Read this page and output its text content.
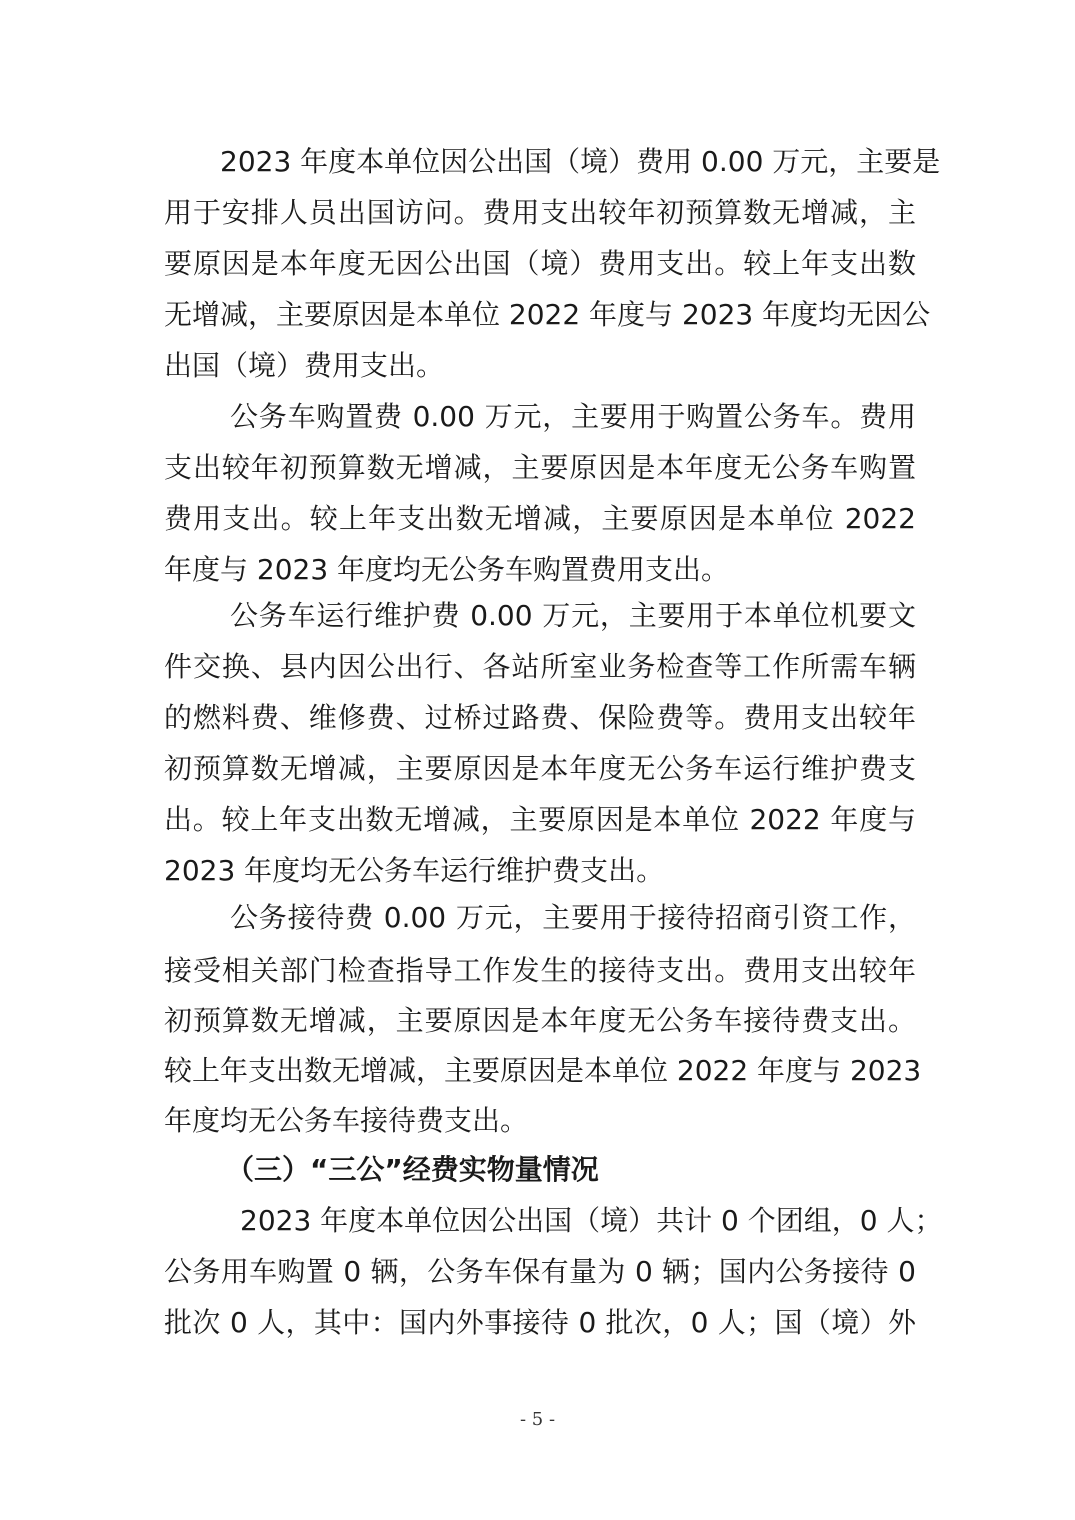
2023 年度本单位因公出国（境）费用 0.00 万元，主要是
用于安排人员出国访问。费用支出较年初预算数无增减，主
要原因是本年度无因公出国（境）费用支出。较上年支出数
无增减，主要原因是本单位 2022 年度与 2023 年度均无因公
出国（境）费用支出。
公务车购置费 0.00 万元，主要用于购置公务车。费用
支出较年初预算数无增减，主要原因是本年度无公务车购置
费用支出。较上年支出数无增减，主要原因是本单位 2022
年度与 2023 年度均无公务车购置费用支出。
公务车运行维护费 0.00 万元，主要用于本单位机要文
件交换、县内因公出行、各站所室业务检查等工作所需车辆
的燃料费、维修费、过桥过路费、保险费等。费用支出较年
初预算数无增减，主要原因是本年度无公务车运行维护费支
出。较上年支出数无增减，主要原因是本单位 2022 年度与
2023 年度均无公务车运行维护费支出。
公务接待费 0.00 万元，主要用于接待招商引资工作，
接受相关部门检查指导工作发生的接待支出。费用支出较年
初预算数无增减，主要原因是本年度无公务车接待费支出。
较上年支出数无增减，主要原因是本单位 2022 年度与 2023
年度均无公务车接待费支出。
（三）“三公”经费实物量情况
2023 年度本单位因公出国（境）共计 0 个团组，0 人；
公务用车购置 0 辆，公务车保有量为 0 辆；国内公务接待 0
批次 0 人，其中：国内外事接待 0 批次，0 人；国（境）外
- 5 -
